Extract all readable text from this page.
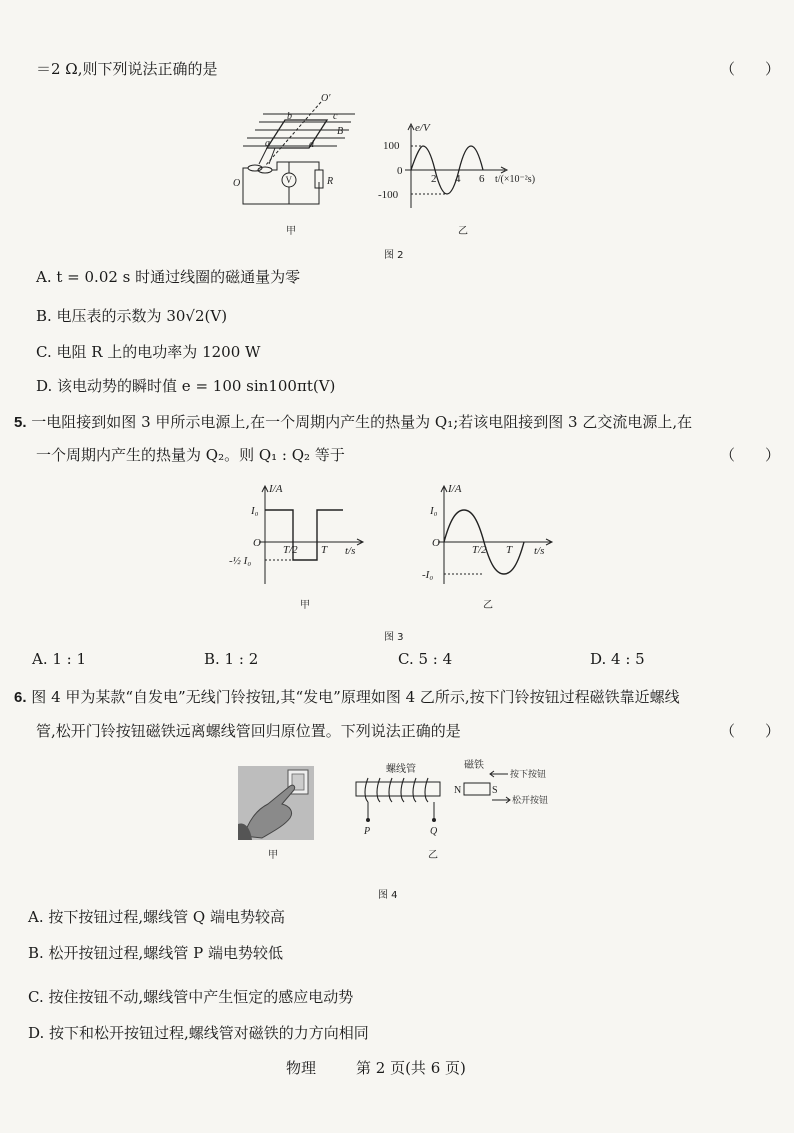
＝2 Ω,则下列说法正确的是	（　　）
O′
O
a
b	c
d
B
R
V
甲
e/V
100
0
-100
2 4 6 t/(×10⁻²s)
乙
图 2
A. t = 0.02 s 时通过线圈的磁通量为零
B. 电压表的示数为 30√2(V)
C. 电阻 R 上的电功率为 1200 W
D. 该电动势的瞬时值 e = 100 sin100πt(V)
5. 一电阻接到如图 3 甲所示电源上,在一个周期内产生的热量为 Q₁;若该电阻接到图 3 乙交流电源上,在
一个周期内产生的热量为 Q₂。则 Q₁ : Q₂ 等于	（　　）
I/A
I₀
O
-½ I₀
T/2 T t/s
甲
I/A
I₀
O
-I₀
T/2 T t/s
乙
图 3
A. 1 : 1	B. 1 : 2	C. 5 : 4	D. 4 : 5
6. 图 4 甲为某款“自发电”无线门铃按钮,其“发电”原理如图 4 乙所示,按下门铃按钮过程磁铁靠近螺线
管,松开门铃按钮磁铁远离螺线管回归原位置。下列说法正确的是	（　　）
甲
螺线管	磁铁
按下按钮
松开按钮
N	S
P	Q
乙
图 4
A. 按下按钮过程,螺线管 Q 端电势较高
B. 松开按钮过程,螺线管 P 端电势较低
C. 按住按钮不动,螺线管中产生恒定的感应电动势
D. 按下和松开按钮过程,螺线管对磁铁的力方向相同
物理	第 2 页(共 6 页)
